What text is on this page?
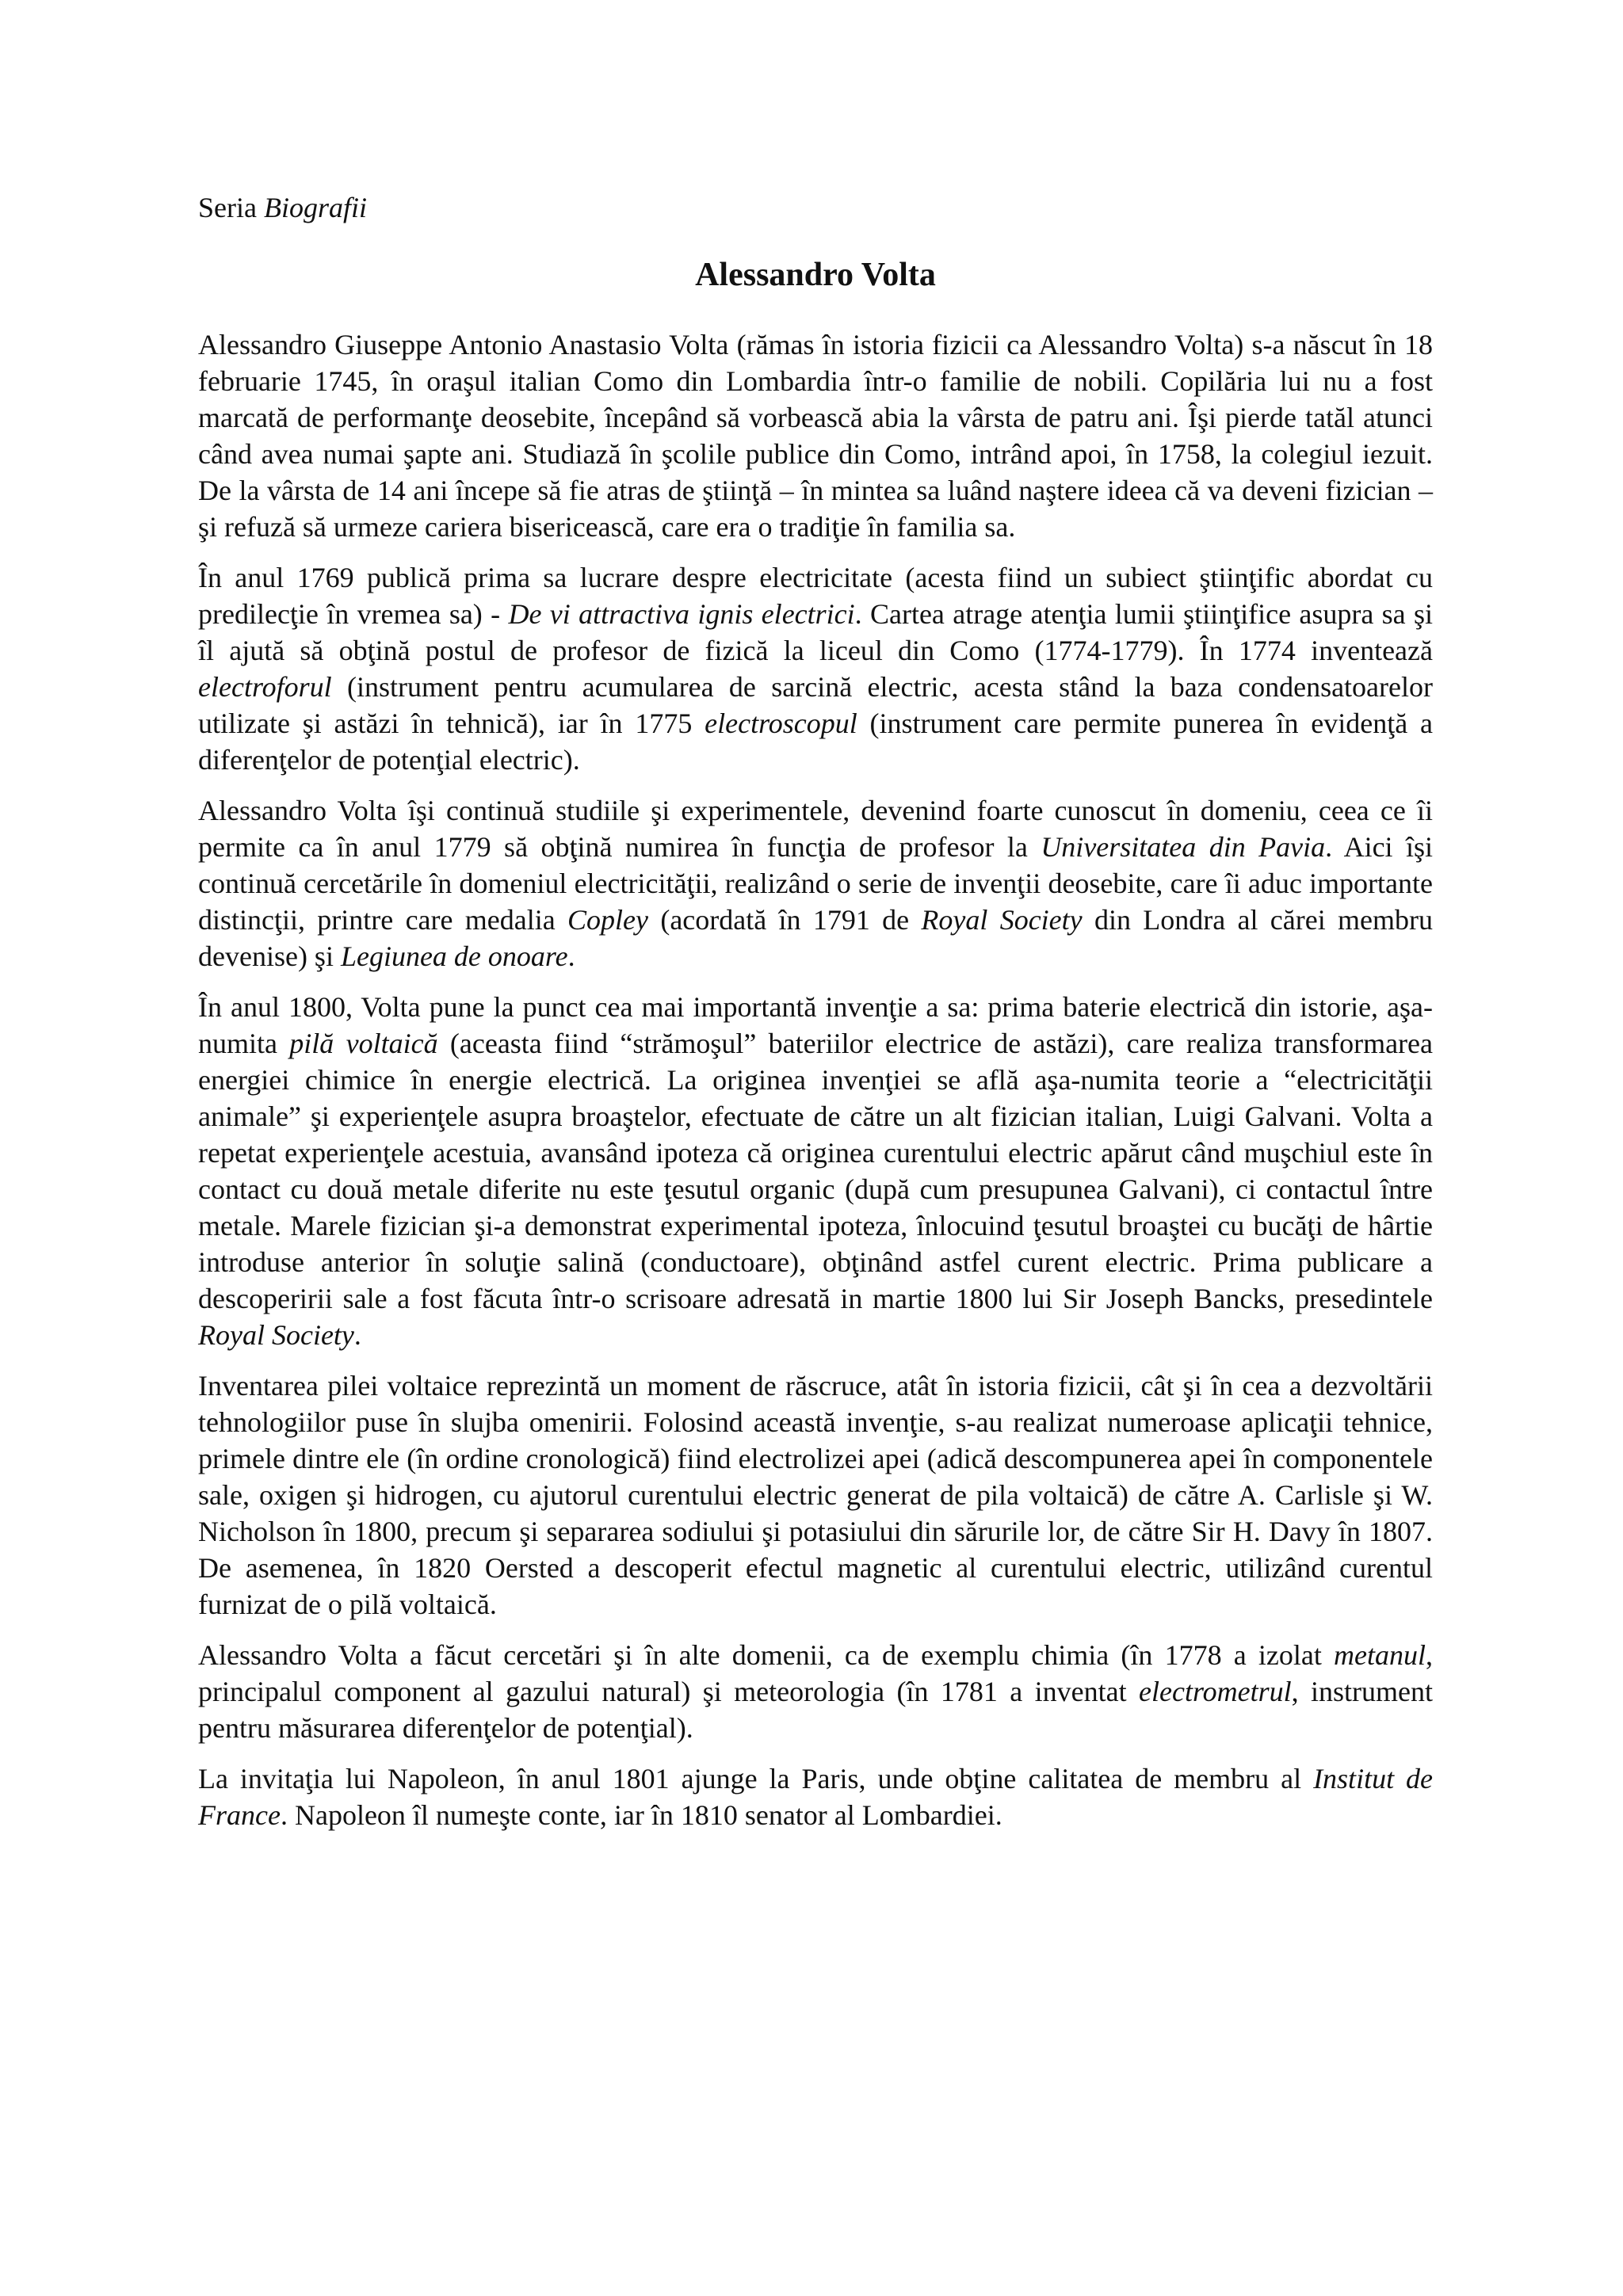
Seria Biografii

Alessandro Volta

Alessandro Giuseppe Antonio Anastasio Volta (rămas în istoria fizicii ca Alessandro Volta) s-a născut în 18 februarie 1745, în oraşul italian Como din Lombardia într-o familie de nobili. Copilăria lui nu a fost marcată de performanţe deosebite, începând să vorbească abia la vârsta de patru ani. Îşi pierde tatăl atunci când avea numai şapte ani. Studiază în şcolile publice din Como, intrând apoi, în 1758, la colegiul iezuit. De la vârsta de 14 ani începe să fie atras de ştiinţă – în mintea sa luând naştere ideea că va deveni fizician – şi refuză să urmeze cariera bisericească, care era o tradiţie în familia sa.

În anul 1769 publică prima sa lucrare despre electricitate (acesta fiind un subiect ştiinţific abordat cu predilecţie în vremea sa) - De vi attractiva ignis electrici. Cartea atrage atenţia lumii ştiinţifice asupra sa şi îl ajută să obţină postul de profesor de fizică la liceul din Como (1774-1779). În 1774 inventează electroforul (instrument pentru acumularea de sarcină electric, acesta stând la baza condensatoarelor utilizate şi astăzi în tehnică), iar în 1775 electroscopul (instrument care permite punerea în evidenţă a diferenţelor de potenţial electric).

Alessandro Volta îşi continuă studiile şi experimentele, devenind foarte cunoscut în domeniu, ceea ce îi permite ca în anul 1779 să obţină numirea în funcţia de profesor la Universitatea din Pavia. Aici îşi continuă cercetările în domeniul electricităţii, realizând o serie de invenţii deosebite, care îi aduc importante distincţii, printre care medalia Copley (acordată în 1791 de Royal Society din Londra al cărei membru devenise) şi Legiunea de onoare.

În anul 1800, Volta pune la punct cea mai importantă invenţie a sa: prima baterie electrică din istorie, aşa-numita pilă voltaică (aceasta fiind “strămoşul” bateriilor electrice de astăzi), care realiza transformarea energiei chimice în energie electrică. La originea invenţiei se află aşa-numita teorie a “electricităţii animale” şi experienţele asupra broaştelor, efectuate de către un alt fizician italian, Luigi Galvani. Volta a repetat experienţele acestuia, avansând ipoteza că originea curentului electric apărut când muşchiul este în contact cu două metale diferite nu este ţesutul organic (după cum presupunea Galvani), ci contactul între metale. Marele fizician şi-a demonstrat experimental ipoteza, înlocuind ţesutul broaştei cu bucăţi de hârtie introduse anterior în soluţie salină (conductoare), obţinând astfel curent electric. Prima publicare a descoperirii sale a fost făcuta într-o scrisoare adresată in martie 1800 lui Sir Joseph Bancks, presedintele Royal Society.

Inventarea pilei voltaice reprezintă un moment de răscruce, atât în istoria fizicii, cât şi în cea a dezvoltării tehnologiilor puse în slujba omenirii. Folosind această invenţie, s-au realizat numeroase aplicaţii tehnice, primele dintre ele (în ordine cronologică) fiind electrolizei apei (adică descompunerea apei în componentele sale, oxigen şi hidrogen, cu ajutorul curentului electric generat de pila voltaică) de către A. Carlisle şi W. Nicholson în 1800, precum şi separarea sodiului şi potasiului din sărurile lor, de către Sir H. Davy în 1807. De asemenea, în 1820 Oersted a descoperit efectul magnetic al curentului electric, utilizând curentul furnizat de o pilă voltaică.

Alessandro Volta a făcut cercetări şi în alte domenii, ca de exemplu chimia (în 1778 a izolat metanul, principalul component al gazului natural) şi meteorologia (în 1781 a inventat electrometrul, instrument pentru măsurarea diferenţelor de potenţial).

La invitaţia lui Napoleon, în anul 1801 ajunge la Paris, unde obţine calitatea de membru al Institut de France. Napoleon îl numeşte conte, iar în 1810 senator al Lombardiei.
